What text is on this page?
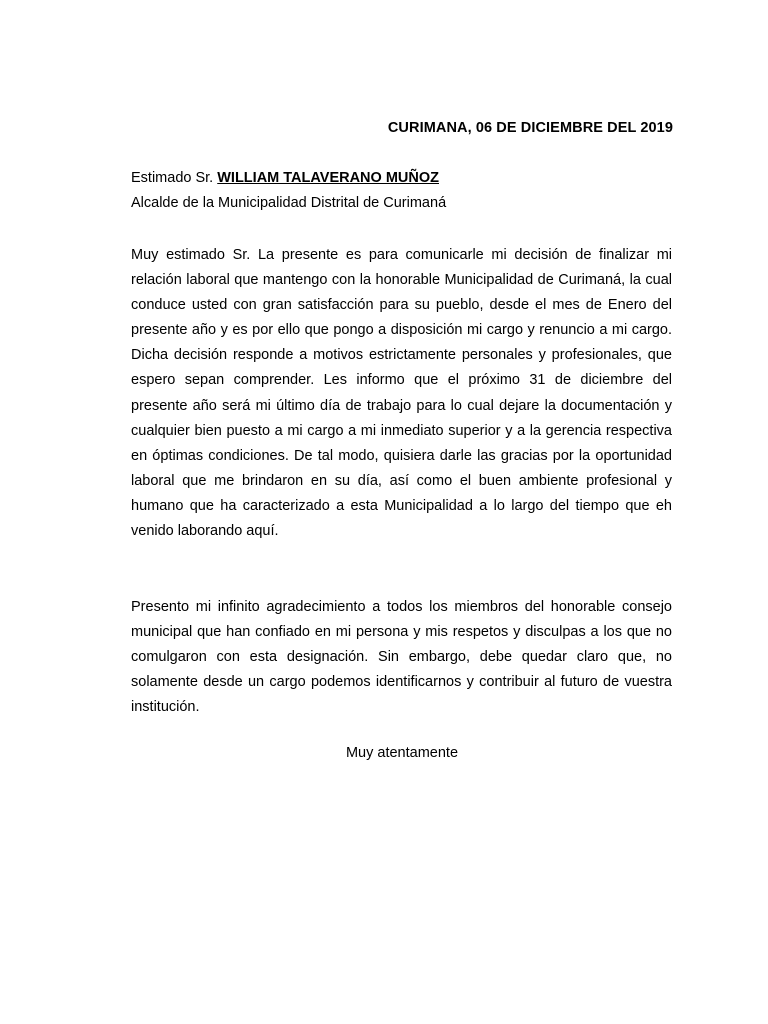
CURIMANA, 06 DE DICIEMBRE DEL 2019
Estimado Sr. WILLIAM TALAVERANO MUÑOZ
Alcalde de la Municipalidad Distrital de Curimaná
Muy estimado Sr. La presente es para comunicarle mi decisión de finalizar mi relación laboral que mantengo con la honorable Municipalidad de Curimaná, la cual conduce usted con gran satisfacción para su pueblo, desde el mes de Enero del presente año y es por ello que pongo a disposición mi cargo y renuncio a mi cargo. Dicha decisión responde a motivos estrictamente personales y profesionales, que espero sepan comprender. Les informo que el próximo 31 de diciembre del presente año será mi último día de trabajo para lo cual dejare la documentación y cualquier bien puesto a mi cargo a mi inmediato superior y a la gerencia respectiva en óptimas condiciones. De tal modo, quisiera darle las gracias por la oportunidad laboral que me brindaron en su día, así como el buen ambiente profesional y humano que ha caracterizado a esta Municipalidad a lo largo del tiempo que eh venido laborando aquí.
Presento mi infinito agradecimiento a todos los miembros del honorable consejo municipal que han confiado en mi persona y mis respetos y disculpas a los que no comulgaron con esta designación. Sin embargo, debe quedar claro que, no solamente desde un cargo podemos identificarnos y contribuir al futuro de vuestra institución.
Muy atentamente
